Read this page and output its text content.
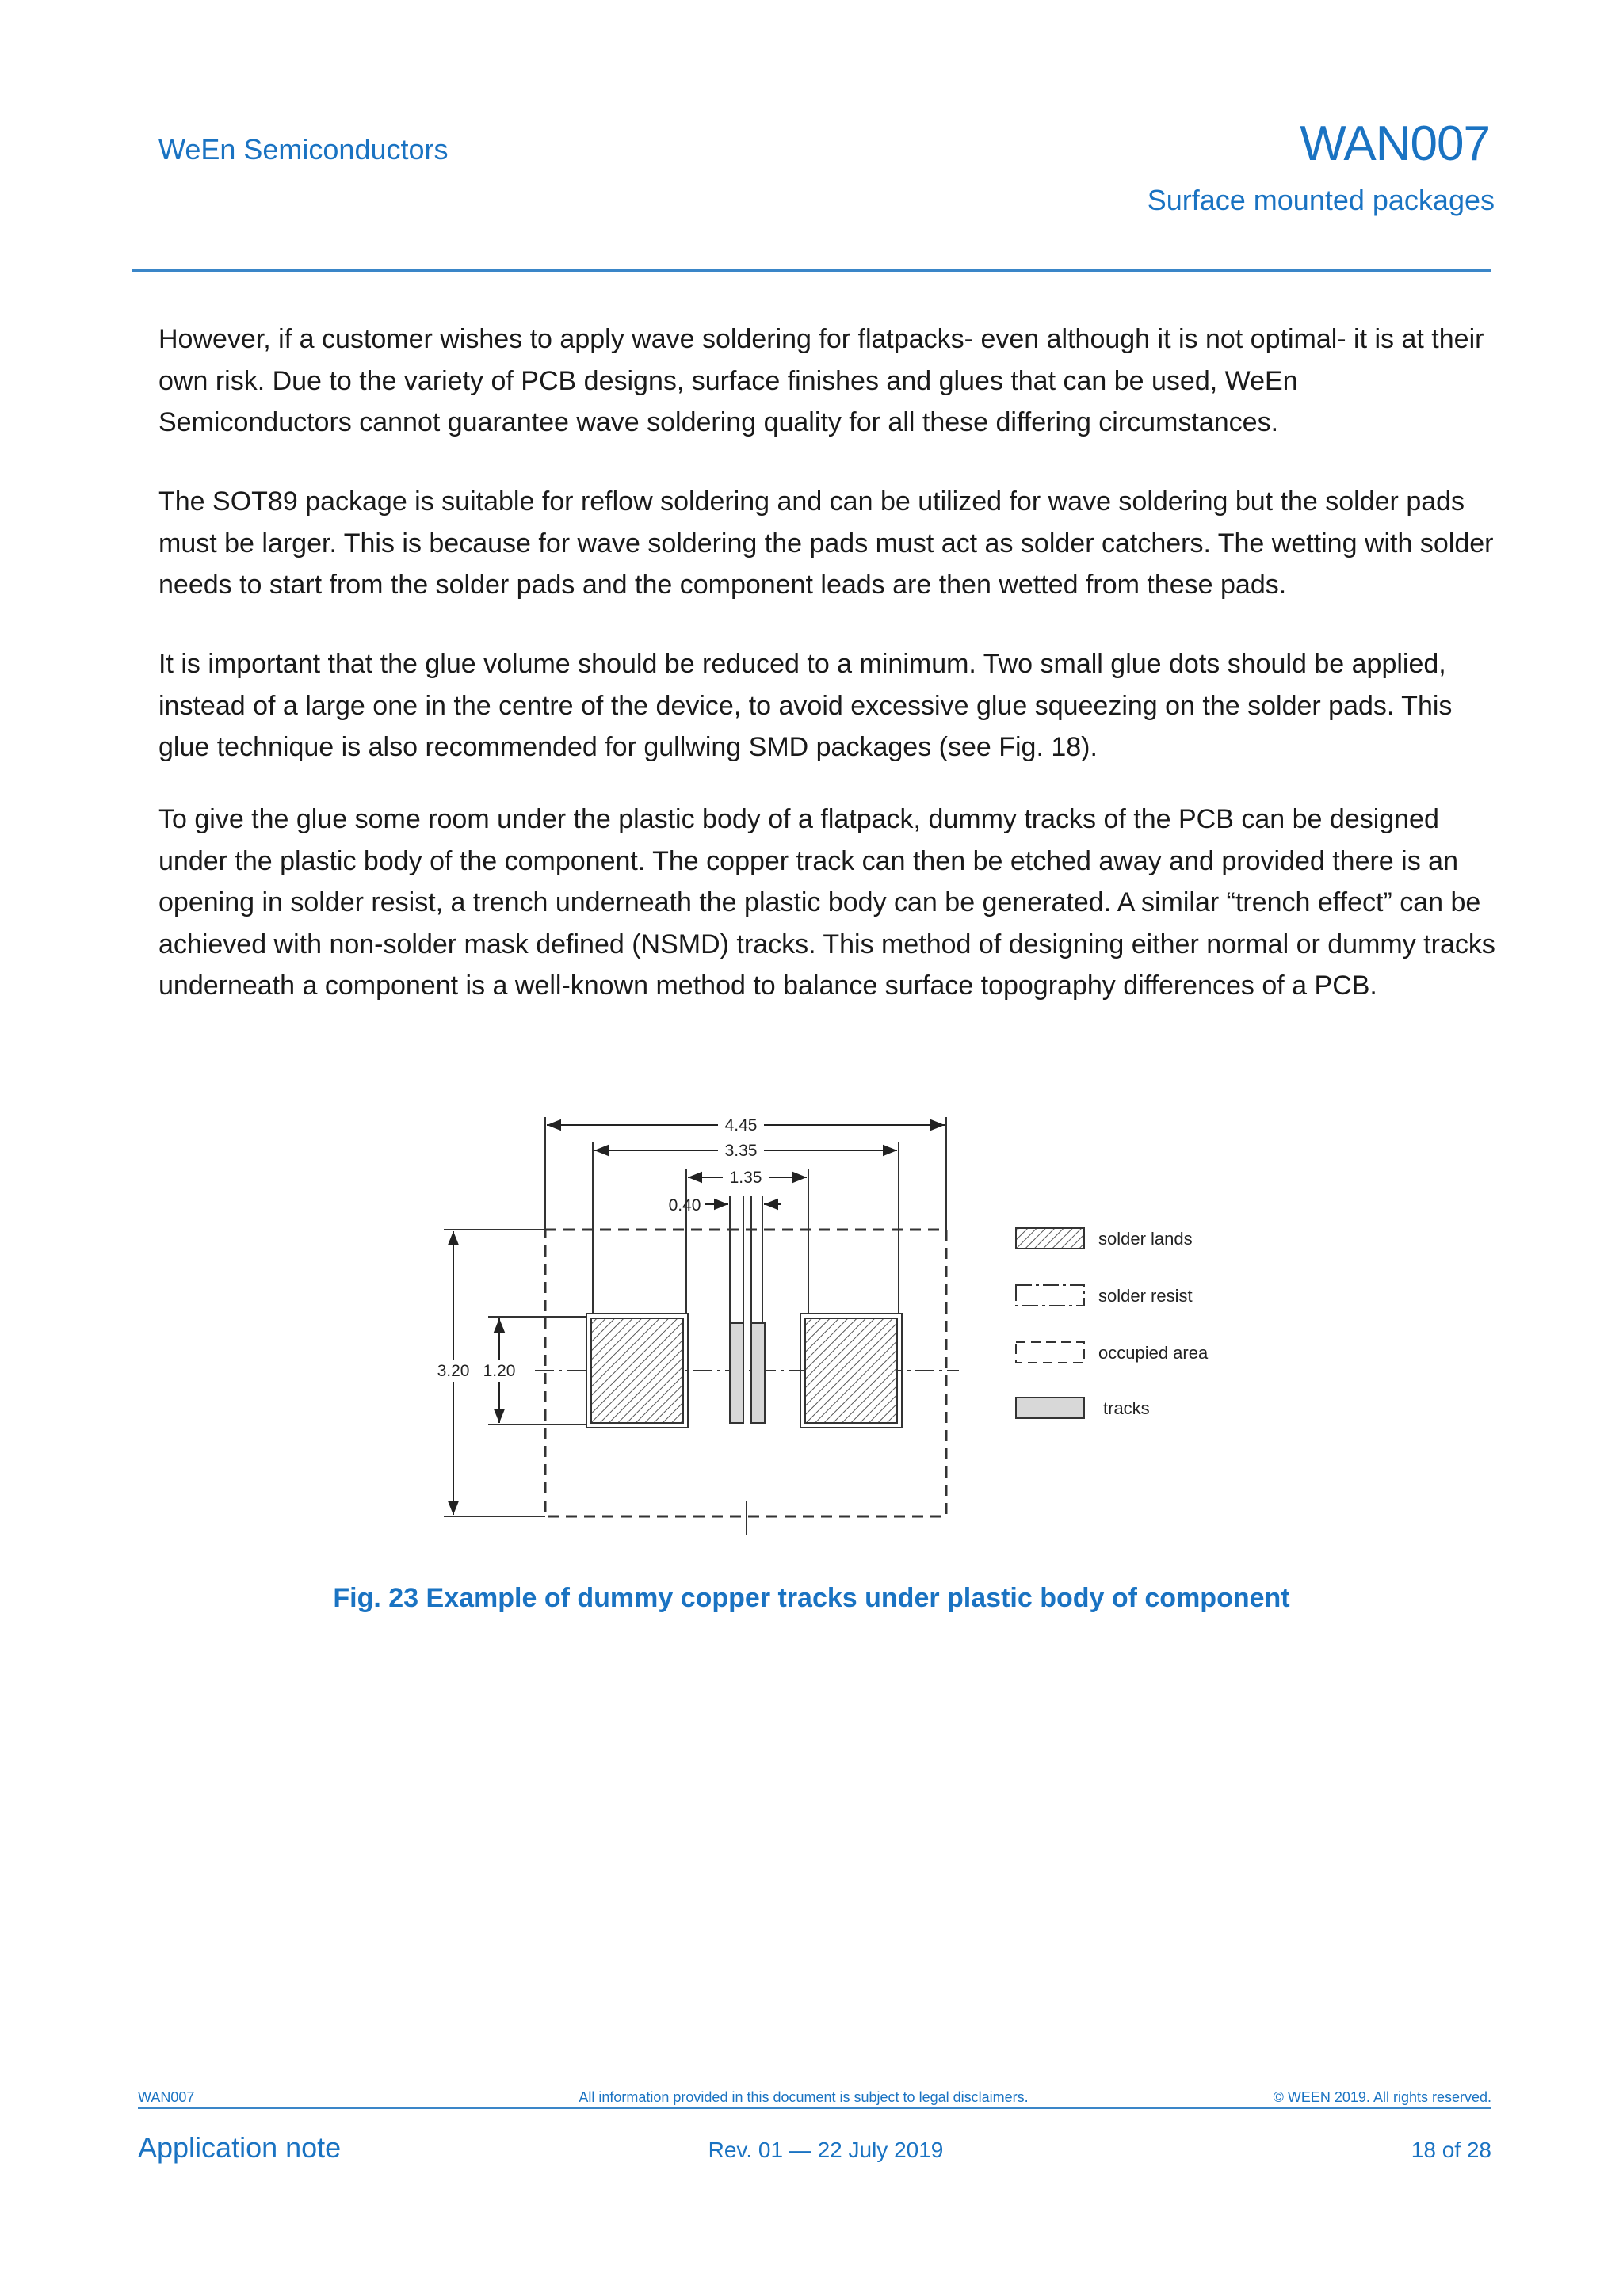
WeEn Semiconductors	WAN007
Surface mounted packages

However, if a customer wishes to apply wave soldering for flatpacks- even although it is not optimal- it is at their own risk. Due to the variety of PCB designs, surface finishes and glues that can be used, WeEn Semiconductors cannot guarantee wave soldering quality for all these differing circumstances.

The SOT89 package is suitable for reflow soldering and can be utilized for wave soldering but the solder pads must be larger. This is because for wave soldering the pads must act as solder catchers. The wetting with solder needs to start from the solder pads and the component leads are then wetted from these pads.

It is important that the glue volume should be reduced to a minimum. Two small glue dots should be applied, instead of a large one in the centre of the device, to avoid excessive glue squeezing on the solder pads. This glue technique is also recommended for gullwing SMD packages (see Fig. 18).

To give the glue some room under the plastic body of a flatpack, dummy tracks of the PCB can be designed under the plastic body of the component. The copper track can then be etched away and provided there is an opening in solder resist, a trench underneath the plastic body can be generated. A similar “trench effect” can be achieved with non-solder mask defined (NSMD) tracks. This method of designing either normal or dummy tracks underneath a component is a well-known method to balance surface topography differences of a PCB.

4.45
3.35
1.35
0.40
3.20 1.20
solder lands
solder resist
occupied area
tracks
Fig. 23 Example of dummy copper tracks under plastic body of component
WAN007	All information provided in this document is subject to legal disclaimers.	© WEEN 2019. All rights reserved.
Application note	Rev. 01 — 22 July 2019	18 of 28
